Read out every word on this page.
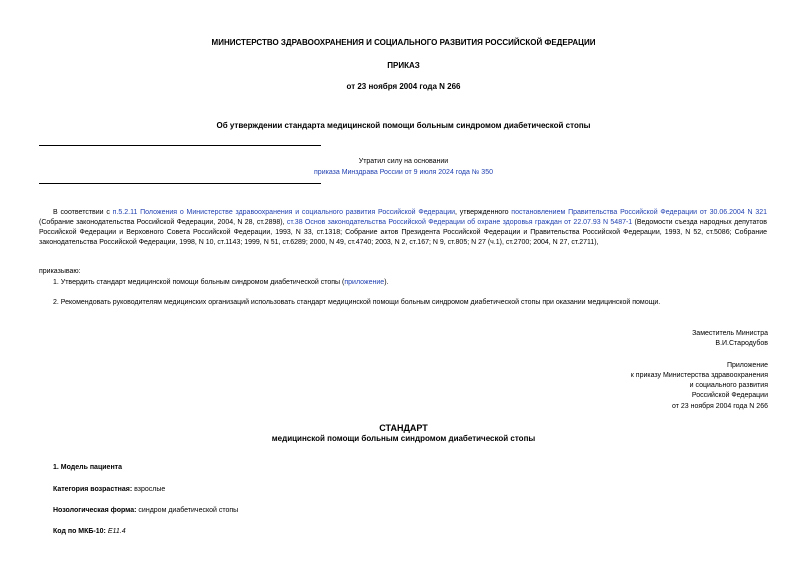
МИНИСТЕРСТВО ЗДРАВООХРАНЕНИЯ И СОЦИАЛЬНОГО РАЗВИТИЯ РОССИЙСКОЙ ФЕДЕРАЦИИ
ПРИКАЗ
от 23 ноября 2004 года N 266
Об утверждении стандарта медицинской помощи больным синдромом диабетической стопы
Утратил силу на основании
приказа Минздрава России от 9 июля 2024 года № 350
В соответствии с п.5.2.11 Положения о Министерстве здравоохранения и социального развития Российской Федерации, утвержденного постановлением Правительства Российской Федерации от 30.06.2004 N 321 (Собрание законодательства Российской Федерации, 2004, N 28, ст.2898), ст.38 Основ законодательства Российской Федерации об охране здоровья граждан от 22.07.93 N 5487-1 (Ведомости съезда народных депутатов Российской Федерации и Верховного Совета Российской Федерации, 1993, N 33, ст.1318; Собрание актов Президента Российской Федерации и Правительства Российской Федерации, 1993, N 52, ст.5086; Собрание законодательства Российской Федерации, 1998, N 10, ст.1143; 1999, N 51, ст.6289; 2000, N 49, ст.4740; 2003, N 2, ст.167; N 9, ст.805; N 27 (ч.1), ст.2700; 2004, N 27, ст.2711),
приказываю:
1. Утвердить стандарт медицинской помощи больным синдромом диабетической стопы (приложение).
2. Рекомендовать руководителям медицинских организаций использовать стандарт медицинской помощи больным синдромом диабетической стопы при оказании медицинской помощи.
Заместитель Министра
В.И.Стародубов
Приложение
к приказу Министерства здравоохранения
и социального развития
Российской Федерации
от 23 ноября 2004 года N 266
СТАНДАРТ
медицинской помощи больным синдромом диабетической стопы
1. Модель пациента
Категория возрастная: взрослые
Нозологическая форма: синдром диабетической стопы
Код по МКБ-10: E11.4
